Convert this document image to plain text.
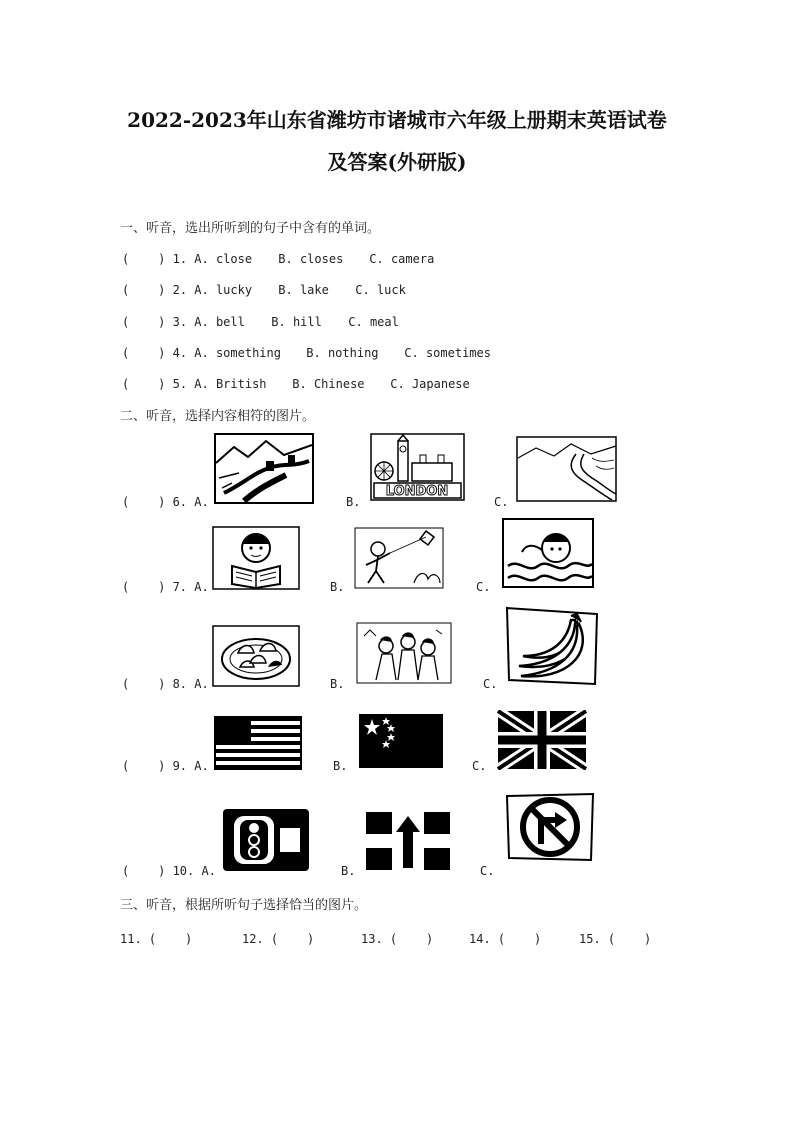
2022-2023年山东省潍坊市诸城市六年级上册期末英语试卷
及答案(外研版)
一、听音，选出所听到的句子中含有的单词。
(    ) 1. A. close B. closes C. camera
(    ) 2. A. lucky B. lake C. luck
(    ) 3. A. bell B. hill C. meal
(    ) 4. A. something B. nothing C. sometimes
(    ) 5. A. British B. Chinese C. Japanese
二、听音，选择内容相符的图片。
(    ) 6. A.	B.	C.
LONDON
(    ) 7. A.	B.	C.
(    ) 8. A.	B.	C.
(    ) 9. A.	B.	C.
(    ) 10. A.	B.	C.
三、听音，根据所听句子选择恰当的图片。

11. (    )

	12. (    )

	13. (    )

	14. (    )

	15. (    )
